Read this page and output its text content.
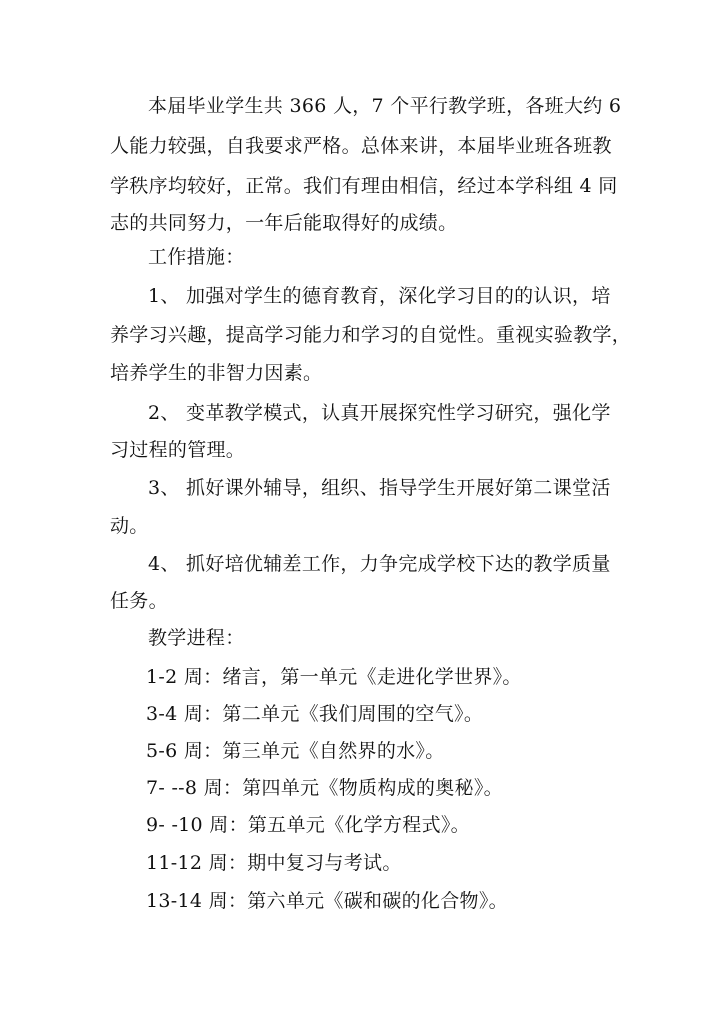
本届毕业学生共 366 人，7 个平行教学班，各班大约 6
人能力较强，自我要求严格。总体来讲，本届毕业班各班教
学秩序均较好，正常。我们有理由相信，经过本学科组 4 同
志的共同努力，一年后能取得好的成绩。
工作措施：
1、 加强对学生的德育教育，深化学习目的的认识，培
养学习兴趣，提高学习能力和学习的自觉性。重视实验教学，
培养学生的非智力因素。
2、 变革教学模式，认真开展探究性学习研究，强化学
习过程的管理。
3、 抓好课外辅导，组织、指导学生开展好第二课堂活
动。
4、 抓好培优辅差工作，力争完成学校下达的教学质量
任务。
教学进程：
1-2 周：绪言，第一单元《走进化学世界》。
3-4 周：第二单元《我们周围的空气》。
5-6 周：第三单元《自然界的水》。
7- --8 周：第四单元《物质构成的奥秘》。
9- -10 周：第五单元《化学方程式》。
11-12 周：期中复习与考试。
13-14 周：第六单元《碳和碳的化合物》。
